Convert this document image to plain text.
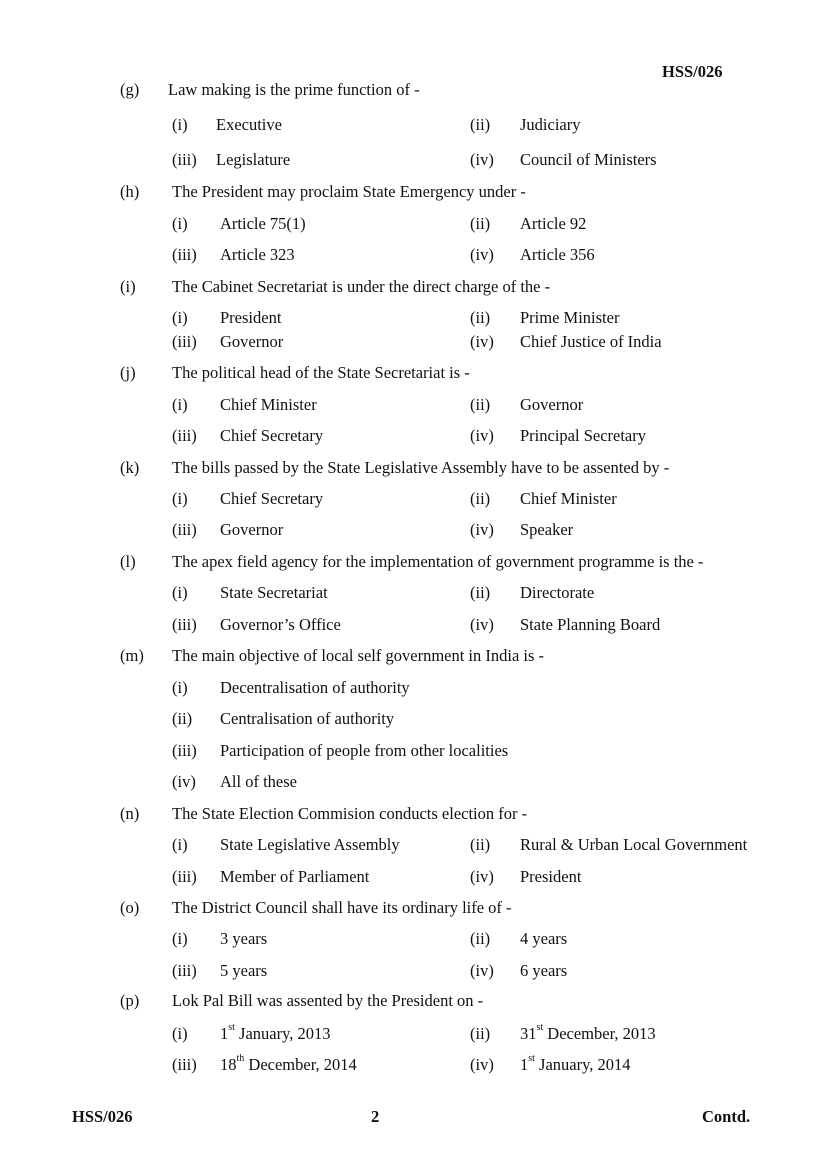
HSS/026
(g) Law making is the prime function of -
(i) Executive	(ii) Judiciary
(iii) Legislature	(iv) Council of Ministers
(h) The President may proclaim State Emergency under -
(i) Article 75(1)	(ii) Article 92
(iii) Article 323	(iv) Article 356
(i) The Cabinet Secretariat is under the direct charge of the -
(i) President	(ii) Prime Minister
(iii) Governor	(iv) Chief Justice of India
(j) The political head of the State Secretariat is -
(i) Chief Minister	(ii) Governor
(iii) Chief Secretary	(iv) Principal Secretary
(k) The bills passed by the State Legislative Assembly have to be assented by -
(i) Chief Secretary	(ii) Chief Minister
(iii) Governor	(iv) Speaker
(l) The apex field agency for the implementation of government programme is the -
(i) State Secretariat	(ii) Directorate
(iii) Governor’s Office	(iv) State Planning Board
(m) The main objective of local self government in India is -
(i) Decentralisation of authority
(ii) Centralisation of authority
(iii) Participation of people from other localities
(iv) All of these
(n) The State Election Commision conducts election for -
(i) State Legislative Assembly	(ii) Rural & Urban Local Government
(iii) Member of Parliament	(iv) President
(o) The District Council shall have its ordinary life of -
(i) 3 years	(ii) 4 years
(iii) 5 years	(iv) 6 years
(p) Lok Pal Bill was assented by the President on -
(i) 1st January, 2013	(ii) 31st December, 2013
(iii) 18th December, 2014	(iv) 1st January, 2014
HSS/026	2	Contd.
